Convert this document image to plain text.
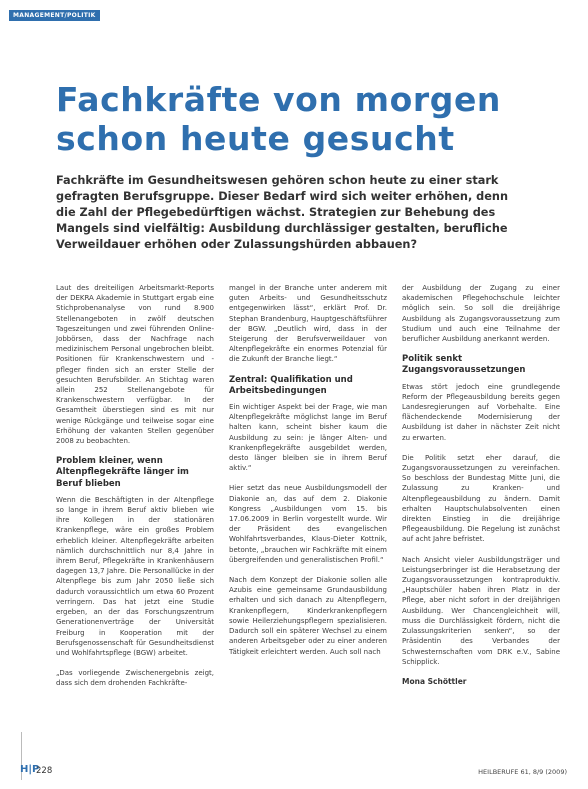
MANAGEMENT/POLITIK
Fachkräfte von morgen
schon heute gesucht
Fachkräfte im Gesundheitswesen gehören schon heute zu einer stark
gefragten Berufsgruppe. Dieser Bedarf wird sich weiter erhöhen, denn
die Zahl der Pflegebedürftigen wächst. Strategien zur Behebung des
Mangels sind vielfältig: Ausbildung durchlässiger gestalten, berufliche
Verweildauer erhöhen oder Zulassungshürden abbauen?

Laut des dreiteiligen Arbeitsmarkt-Reports der DEKRA Akademie in Stuttgart ergab eine Stichprobenanalyse von rund 8.900 Stellenangeboten in zwölf deutschen Tageszeitungen und zwei führenden Online-Jobbörsen, dass der Nachfrage nach medizinischem Personal ungebrochen bleibt. Positionen für Krankenschwestern und -pfleger finden sich an erster Stelle der gesuchten Berufsbilder. An Stichtag waren allein 252 Stellenangebote für Krankenschwestern verfügbar. In der Gesamtheit überstiegen sind es mit nur wenige Rückgänge und teilweise sogar eine Erhöhung der vakanten Stellen gegenüber 2008 zu beobachten.

Problem kleiner, wenn Altenpflegekräfte länger im Beruf blieben

Wenn die Beschäftigten in der Altenpflege so lange in ihrem Beruf aktiv blieben wie ihre Kollegen in der stationären Krankenpflege, wäre ein großes Problem erheblich kleiner. Altenpflegekräfte arbeiten nämlich durchschnittlich nur 8,4 Jahre in ihrem Beruf, Pflegekräfte in Krankenhäusern dagegen 13,7 Jahre. Die Personallücke in der Altenpflege bis zum Jahr 2050 ließe sich dadurch voraussichtlich um etwa 60 Prozent verringern. Das hat jetzt eine Studie ergeben, an der das Forschungszentrum Generationenverträge der Universität Freiburg in Kooperation mit der Berufsgenossenschaft für Gesundheitsdienst und Wohlfahrtspflege (BGW) arbeitet.

„Das vorliegende Zwischenergebnis zeigt, dass sich dem drohenden Fachkräfte-

mangel in der Branche unter anderem mit guten Arbeits- und Gesundheitsschutz entgegenwirken lässt“, erklärt Prof. Dr. Stephan Brandenburg, Hauptgeschäftsführer der BGW. „Deutlich wird, dass in der Steigerung der Berufsverweildauer von Altenpflegekräfte ein enormes Potenzial für die Zukunft der Branche liegt.“

Zentral: Qualifikation und Arbeitsbedingungen

Ein wichtiger Aspekt bei der Frage, wie man Altenpflegekräfte möglichst lange im Beruf halten kann, scheint bisher kaum die Ausbildung zu sein: je länger Alten- und Krankenpflegekräfte ausgebildet werden, desto länger bleiben sie in ihrem Beruf aktiv.“

Hier setzt das neue Ausbildungsmodell der Diakonie an, das auf dem 2. Diakonie Kongress „Ausbildungen vom 15. bis 17.06.2009 in Berlin vorgestellt wurde. Wir der Präsident des evangelischen Wohlfahrtsverbandes, Klaus-Dieter Kottnik, betonte, „brauchen wir Fachkräfte mit einem übergreifenden und generalistischen Profil.“

Nach dem Konzept der Diakonie sollen alle Azubis eine gemeinsame Grundausbildung erhalten und sich danach zu Altenpflegern, Krankenpflegern, Kinderkrankenpflegern sowie Heilerziehungspflegern spezialisieren. Dadurch soll ein späterer Wechsel zu einem anderen Arbeitsgeber oder zu einer anderen Tätigkeit erleichtert werden. Auch soll nach

der Ausbildung der Zugang zu einer akademischen Pflegehochschule leichter möglich sein. So soll die dreijährige Ausbildung als Zugangsvoraussetzung zum Studium und auch eine Teilnahme der beruflicher Ausbildung anerkannt werden.

Politik senkt Zugangsvoraussetzungen

Etwas stört jedoch eine grundlegende Reform der Pflegeausbildung bereits gegen Landesregierungen auf Vorbehalte. Eine flächendeckende Modernisierung der Ausbildung ist daher in nächster Zeit nicht zu erwarten.

Die Politik setzt eher darauf, die Zugangsvoraussetzungen zu vereinfachen. So beschloss der Bundestag Mitte Juni, die Zulassung zu Kranken- und Altenpflegeausbildung zu ändern. Damit erhalten Hauptschulabsolventen einen direkten Einstieg in die dreijährige Pflegeausbildung. Die Regelung ist zunächst auf acht Jahre befristet.

Nach Ansicht vieler Ausbildungsträger und Leistungserbringer ist die Herabsetzung der Zugangsvoraussetzungen kontraproduktiv. „Hauptschüler haben ihren Platz in der Pflege, aber nicht sofort in der dreijährigen Ausbildung. Wer Chancengleichheit will, muss die Durchlässigkeit fördern, nicht die Zulassungskriterien senken“, so der Präsidentin des Verbandes der Schwesternschaften vom DRK e.V., Sabine Schipplick.

Mona Schöttler
H|P
228	HEILBERUFE 61, 8/9 (2009)
